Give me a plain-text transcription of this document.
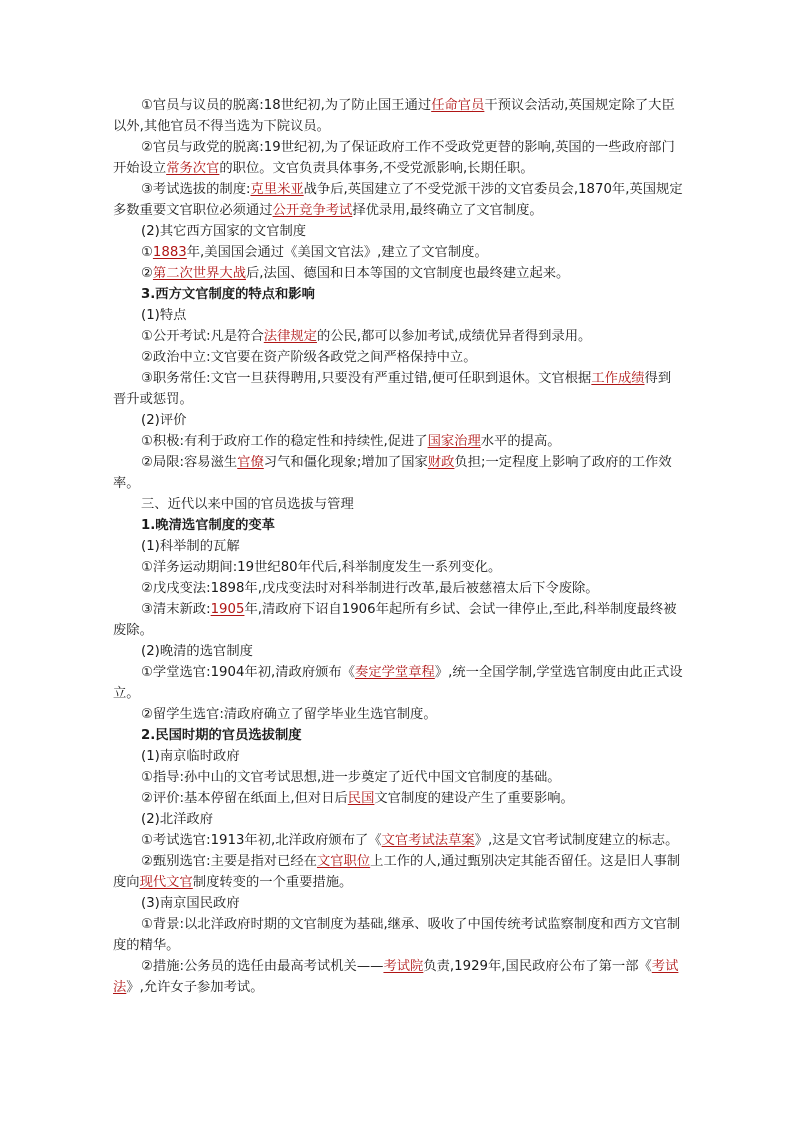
①官员与议员的脱离:18世纪初,为了防止国王通过任命官员干预议会活动,英国规定除了大臣以外,其他官员不得当选为下院议员。

②官员与政党的脱离:19世纪初,为了保证政府工作不受政党更替的影响,英国的一些政府部门开始设立常务次官的职位。文官负责具体事务,不受党派影响,长期任职。

③考试选拔的制度:克里米亚战争后,英国建立了不受党派干涉的文官委员会,1870年,英国规定多数重要文官职位必须通过公开竞争考试择优录用,最终确立了文官制度。

(2)其它西方国家的文官制度

①1883年,美国国会通过《美国文官法》,建立了文官制度。

②第二次世界大战后,法国、德国和日本等国的文官制度也最终建立起来。

3.西方文官制度的特点和影响

(1)特点

①公开考试:凡是符合法律规定的公民,都可以参加考试,成绩优异者得到录用。

②政治中立:文官要在资产阶级各政党之间严格保持中立。

③职务常任:文官一旦获得聘用,只要没有严重过错,便可任职到退休。文官根据工作成绩得到晋升或惩罚。

(2)评价

①积极:有利于政府工作的稳定性和持续性,促进了国家治理水平的提高。

②局限:容易滋生官僚习气和僵化现象;增加了国家财政负担;一定程度上影响了政府的工作效率。

三、近代以来中国的官员选拔与管理

1.晚清选官制度的变革

(1)科举制的瓦解

①洋务运动期间:19世纪80年代后,科举制度发生一系列变化。

②戊戌变法:1898年,戊戌变法时对科举制进行改革,最后被慈禧太后下令废除。

③清末新政:1905年,清政府下诏自1906年起所有乡试、会试一律停止,至此,科举制度最终被废除。

(2)晚清的选官制度

①学堂选官:1904年初,清政府颁布《奏定学堂章程》,统一全国学制,学堂选官制度由此正式设立。

②留学生选官:清政府确立了留学毕业生选官制度。

2.民国时期的官员选拔制度

(1)南京临时政府

①指导:孙中山的文官考试思想,进一步奠定了近代中国文官制度的基础。

②评价:基本停留在纸面上,但对日后民国文官制度的建设产生了重要影响。

(2)北洋政府

①考试选官:1913年初,北洋政府颁布了《文官考试法草案》,这是文官考试制度建立的标志。

②甄别选官:主要是指对已经在文官职位上工作的人,通过甄别决定其能否留任。这是旧人事制度向现代文官制度转变的一个重要措施。

(3)南京国民政府

①背景:以北洋政府时期的文官制度为基础,继承、吸收了中国传统考试监察制度和西方文官制度的精华。

②措施:公务员的选任由最高考试机关——考试院负责,1929年,国民政府公布了第一部《考试法》,允许女子参加考试。
